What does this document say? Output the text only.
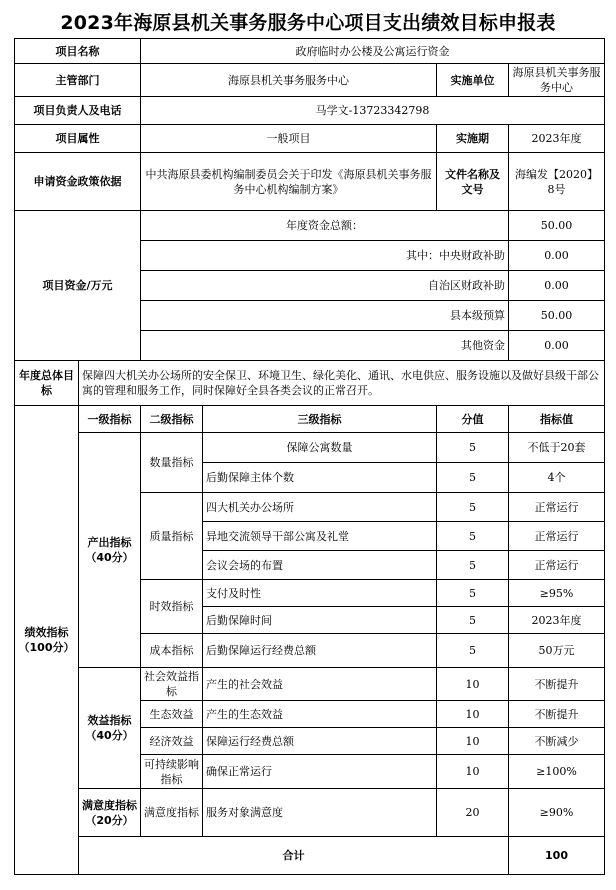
2023年海原县机关事务服务中心项目支出绩效目标申报表
项目名称		政府临时办公楼及公寓运行资金				
主管部门		海原县机关事务服务中心		实施单位	海原县机关事务服务中心	
项目负责人及电话		马学文-13723342798				
项目属性		一般项目		实施期	2023年度	
申请资金政策依据		中共海原县委机构编制委员会关于印发《海原县机关事务服务中心机构编制方案》		文件名称及文号	海编发【2020】8号	
项目资金/万元		年度资金总额：			50.00	
		其中：中央财政补助			0.00	
		自治区财政补助			0.00	
		县本级预算			50.00	
		其他资金			0.00	
年度总体目标	保障四大机关办公场所的安全保卫、环境卫生、绿化美化、通讯、水电供应、服务设施以及做好县级干部公寓的管理和服务工作，同时保障好全县各类会议的正常召开。					
绩效指标（100分）	一级指标	二级指标	三级指标	分值	指标值	
	产出指标（40分）	数量指标	保障公寓数量	5	不低于20套	
			后勤保障主体个数	5	4个	
		质量指标	四大机关办公场所	5	正常运行	
			异地交流领导干部公寓及礼堂	5	正常运行	
			会议会场的布置	5	正常运行	
		时效指标	支付及时性	5	≥95%	
			后勤保障时间	5	2023年度	
		成本指标	后勤保障运行经费总额	5	50万元	
	效益指标（40分）	社会效益指标	产生的社会效益	10	不断提升	
		生态效益	产生的生态效益	10	不断提升	
		经济效益	保障运行经费总额	10	不断减少	
		可持续影响指标	确保正常运行	10	≥100%	
	满意度指标（20分）	满意度指标	服务对象满意度	20	≥90%	
	合计				100	
